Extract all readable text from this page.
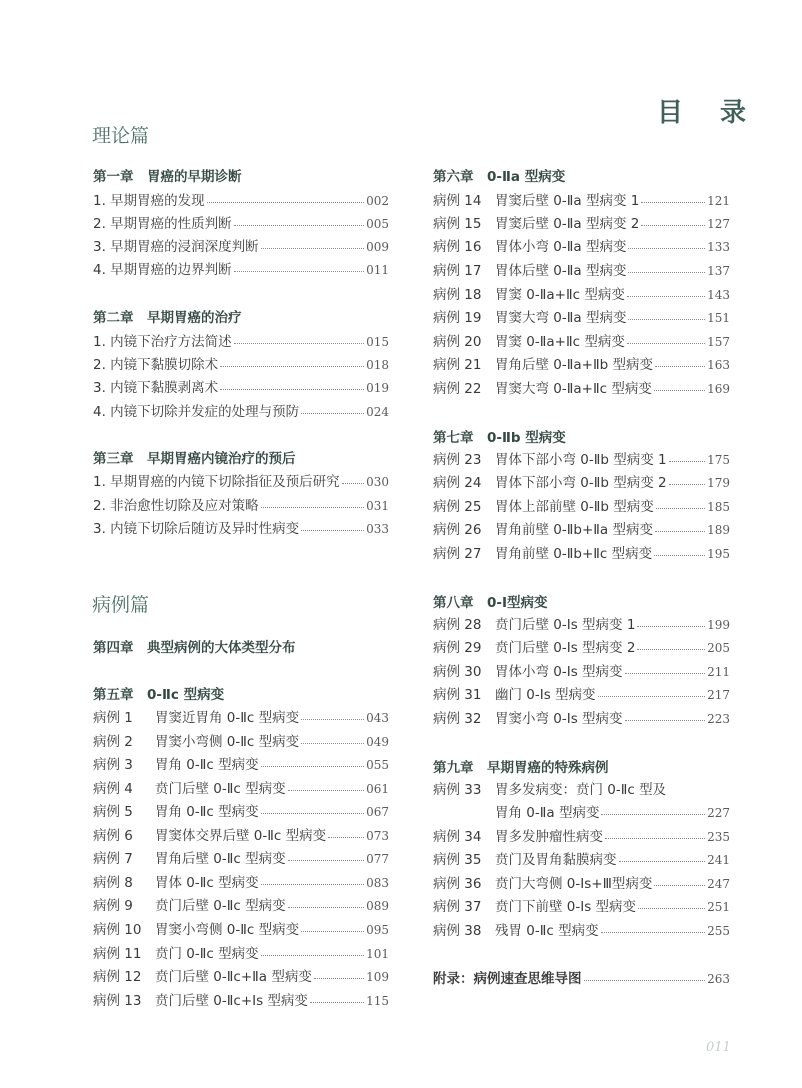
目 录
理论篇
第一章　胃癌的早期诊断
1. 早期胃癌的发现	002
2. 早期胃癌的性质判断	005
3. 早期胃癌的浸润深度判断	009
4. 早期胃癌的边界判断	011
第二章　早期胃癌的治疗
1. 内镜下治疗方法简述	015
2. 内镜下黏膜切除术	018
3. 内镜下黏膜剥离术	019
4. 内镜下切除并发症的处理与预防	024
第三章　早期胃癌内镜治疗的预后
1. 早期胃癌的内镜下切除指征及预后研究 030
2. 非治愈性切除及应对策略	031
3. 内镜下切除后随访及异时性病变	033
病例篇
第四章　典型病例的大体类型分布
第五章　0-Ⅱc 型病变
病例 1	胃窦近胃角 0-Ⅱc 型病变	043
病例 2	胃窦小弯侧 0-Ⅱc 型病变	049
病例 3	胃角 0-Ⅱc 型病变	055
病例 4	贲门后壁 0-Ⅱc 型病变	061
病例 5	胃角 0-Ⅱc 型病变	067
病例 6	胃窦体交界后壁 0-Ⅱc 型病变	073
病例 7	胃角后壁 0-Ⅱc 型病变	077
病例 8	胃体 0-Ⅱc 型病变	083
病例 9	贲门后壁 0-Ⅱc 型病变	089
病例 10	胃窦小弯侧 0-Ⅱc 型病变	095
病例 11	贲门 0-Ⅱc 型病变	101
病例 12	贲门后壁 0-Ⅱc+Ⅱa 型病变	109
病例 13	贲门后壁 0-Ⅱc+Ⅰs 型病变	115
第六章　0-Ⅱa 型病变
病例 14	胃窦后壁 0-Ⅱa 型病变 1	121
病例 15	胃窦后壁 0-Ⅱa 型病变 2	127
病例 16	胃体小弯 0-Ⅱa 型病变	133
病例 17	胃体后壁 0-Ⅱa 型病变	137
病例 18	胃窦 0-Ⅱa+Ⅱc 型病变	143
病例 19	胃窦大弯 0-Ⅱa 型病变	151
病例 20	胃窦 0-Ⅱa+Ⅱc 型病变	157
病例 21	胃角后壁 0-Ⅱa+Ⅱb 型病变	163
病例 22	胃窦大弯 0-Ⅱa+Ⅱc 型病变	169
第七章　0-Ⅱb 型病变
病例 23	胃体下部小弯 0-Ⅱb 型病变 1	175
病例 24	胃体下部小弯 0-Ⅱb 型病变 2	179
病例 25	胃体上部前壁 0-Ⅱb 型病变	185
病例 26	胃角前壁 0-Ⅱb+Ⅱa 型病变	189
病例 27	胃角前壁 0-Ⅱb+Ⅱc 型病变	195
第八章　0-Ⅰ型病变
病例 28	贲门后壁 0-Ⅰs 型病变 1	199
病例 29	贲门后壁 0-Ⅰs 型病变 2	205
病例 30	胃体小弯 0-Ⅰs 型病变	211
病例 31	幽门 0-Ⅰs 型病变	217
病例 32	胃窦小弯 0-Ⅰs 型病变	223
第九章　早期胃癌的特殊病例
病例 33	胃多发病变：贲门 0-Ⅱc 型及
胃角 0-Ⅱa 型病变	227
病例 34	胃多发肿瘤性病变	235
病例 35	贲门及胃角黏膜病变	241
病例 36	贲门大弯侧 0-Ⅰs+Ⅲ型病变	247
病例 37	贲门下前壁 0-Ⅰs 型病变	251
病例 38	残胃 0-Ⅱc 型病变	255
附录：病例速查思维导图	263
011
